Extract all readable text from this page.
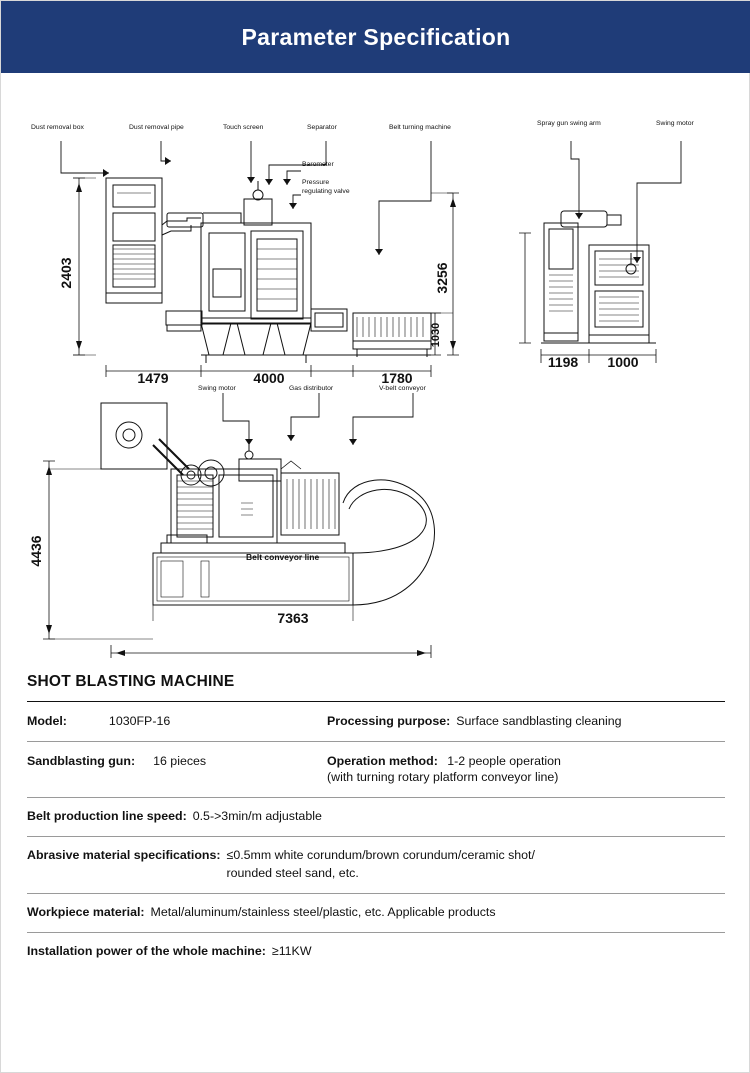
Parameter Specification
Dust removal box	Dust removal pipe	Touch screen	Separator	Belt turning machine
Barometer
Pressure
regulating valve
Spray gun swing arm	Swing motor
Swing motor	Gas distributor	V-belt conveyor
Belt conveyor line
2403
1479	4000	1780
3256
1030
1198 1000
4436
7363
SHOT BLASTING MACHINE
Model:	1030FP-16	Processing purpose: Surface sandblasting cleaning
Sandblasting gun: 16 pieces	Operation method: 1-2 people operation
(with turning rotary platform conveyor line)
Belt production line speed: 0.5->3min/m adjustable
Abrasive material specifications: ≤0.5mm white corundum/brown corundum/ceramic shot/
rounded steel sand, etc.
Workpiece material: Metal/aluminum/stainless steel/plastic, etc. Applicable products
Installation power of the whole machine: ≥11KW
